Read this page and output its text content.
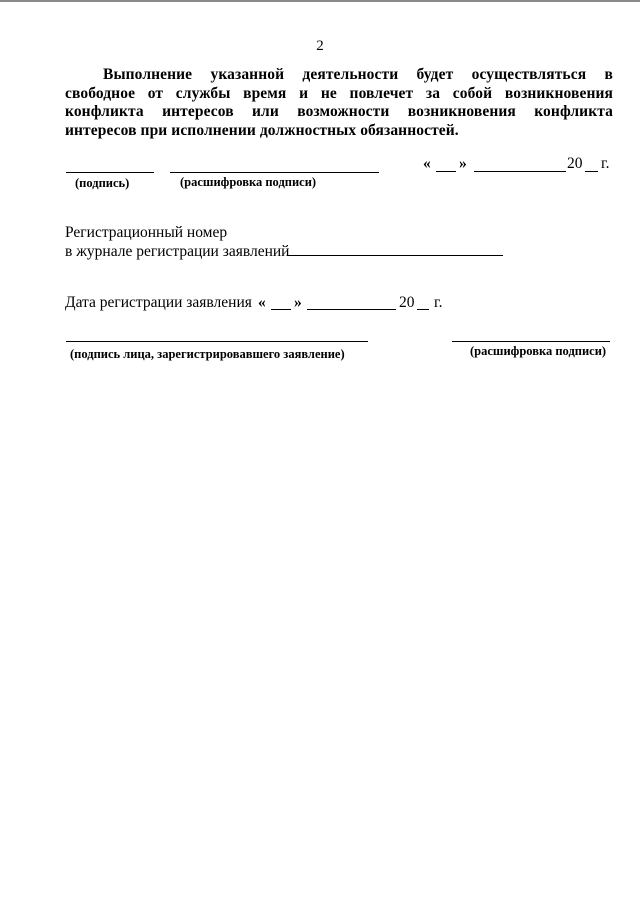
2
Выполнение указанной деятельности будет осуществляться в свободное от службы время и не повлечет за собой возникновения конфликта интересов или возможности возникновения конфликта интересов при исполнении должностных обязанностей.
(подпись)	(расшифровка подписи)
« »	20 г.
Регистрационный номер
в журнале регистрации заявлений
Дата регистрации заявления « »	20 г.
(подпись лица, зарегистрировавшего заявление)	(расшифровка подписи)
